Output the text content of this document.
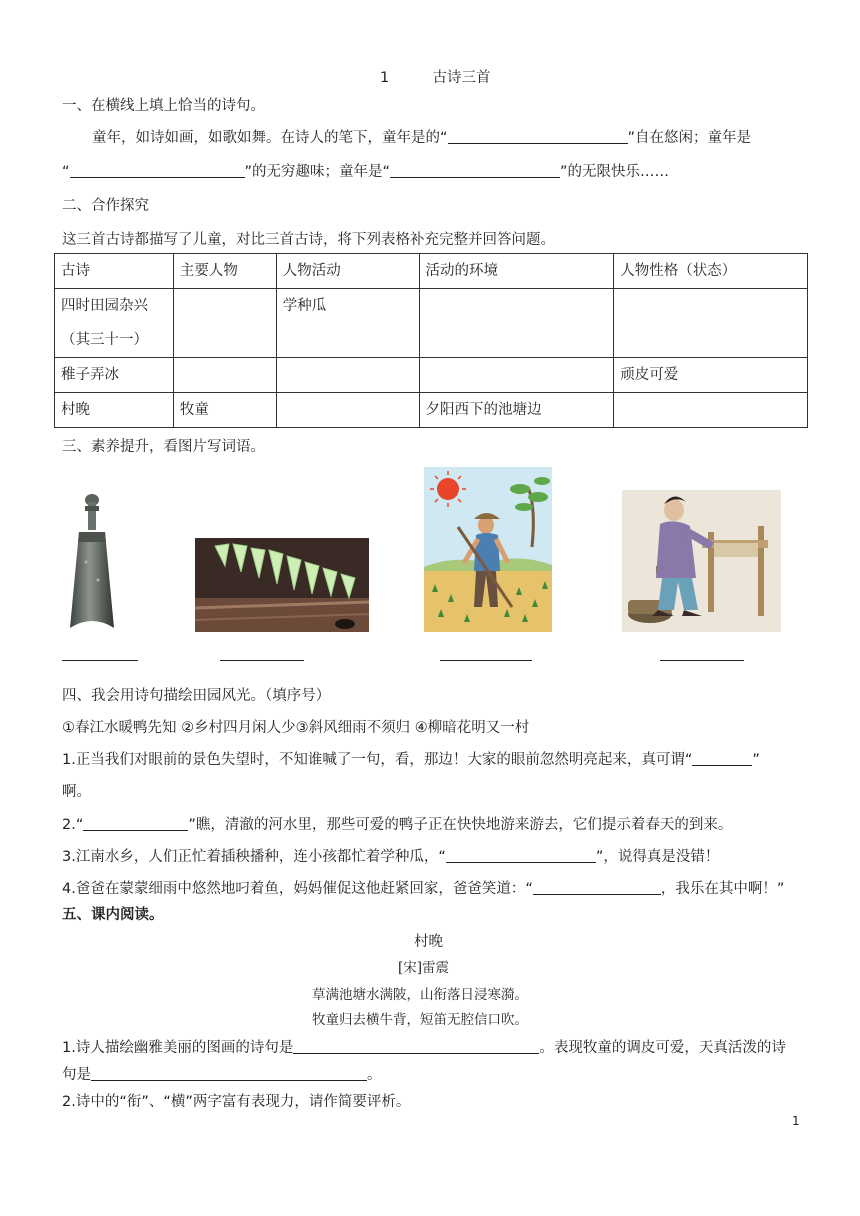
1	古诗三首
一、在横线上填上恰当的诗句。
童年，如诗如画，如歌如舞。在诗人的笔下，童年是的“	”自在悠闲；童年是
“	”的无穷趣味；童年是“	”的无限快乐……
二、合作探究
这三首古诗都描写了儿童，对比三首古诗，将下列表格补充完整并回答问题。
古诗	主要人物	人物活动	活动的环境	人物性格（状态）
四时田园杂兴		学种瓜		
（其三十一）				
稚子弄冰				顽皮可爱
村晚	牧童		夕阳西下的池塘边	
三、素养提升，看图片写词语。
四、我会用诗句描绘田园风光。（填序号）
①春江水暖鸭先知 ②乡村四月闲人少③斜风细雨不须归 ④柳暗花明又一村
1.正当我们对眼前的景色失望时，不知谁喊了一句，看，那边！大家的眼前忽然明亮起来，真可谓“	”
啊。
2.“	”瞧，清澈的河水里，那些可爱的鸭子正在快快地游来游去，它们提示着春天的到来。
3.江南水乡，人们正忙着插秧播种，连小孩都忙着学种瓜，“	”，说得真是没错！
4.爸爸在蒙蒙细雨中悠然地叼着鱼，妈妈催促这他赶紧回家，爸爸笑道：“	，我乐在其中啊！”
五、课内阅读。
村晚
[宋]雷震
草满池塘水满陂，山衔落日浸寒漪。
牧童归去横牛背，短笛无腔信口吹。
1.诗人描绘幽雅美丽的图画的诗句是	。表现牧童的调皮可爱，天真活泼的诗
句是	。
2.诗中的“衔”、“横”两字富有表现力，请作简要评析。
1
